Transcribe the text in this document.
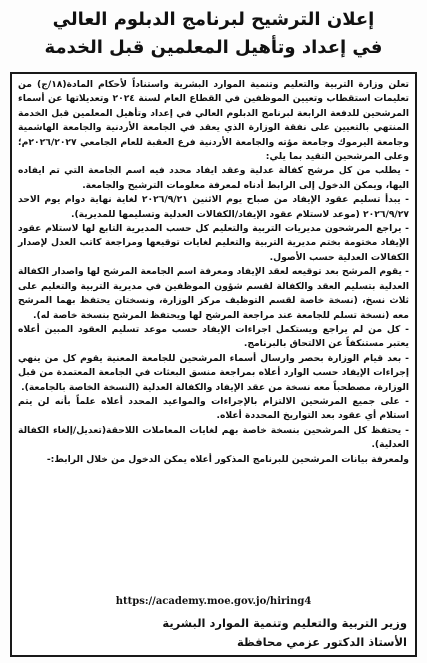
إعلان الترشيح لبرنامج الدبلوم العالي
في إعداد وتأهيل المعلمين قبل الخدمة

تعلن وزارة التربية والتعليم وتنمية الموارد البشرية واستناداً لأحكام المادة(١٨/ج) من تعليمات استقطاب وتعيين الموظفين في القطاع العام لسنة ٢٠٢٤ وتعديلاتها عن أسماء المرشحين للدفعة الرابعة لبرنامج الدبلوم العالي في إعداد وتأهيل المعلمين قبل الخدمة المنتهي بالتعيين على نفقة الوزارة الذي يعقد في الجامعة الأردنية والجامعة الهاشمية وجامعة اليرموك وجامعة مؤته والجامعة الأردنية فرع العقبة للعام الجامعي ٢٠٢٦/٢٠٢٧م؛ وعلى المرشحين التقيد بما يلي:

- يطلب من كل مرشح كفالة عدلية وعقد ايفاد محدد فيه اسم الجامعة التي تم ايفاده اليها، ويمكن الدخول إلى الرابط أدناه لمعرفة معلومات الترشيح والجامعة.

- يبدأ تسليم عقود الإيفاد من صباح يوم الاثنين ٢٠٢٦/٩/٢١ لغاية نهاية دوام يوم الاحد ٢٠٢٦/٩/٢٧ (موعد لاستلام عقود الإيفاد/الكفالات العدلية وتسليمها للمديرية).

- يراجع المرشحون مديريات التربية والتعليم كل حسب المديرية التابع لها لاستلام عقود الإيفاد مختومة بختم مديرية التربية والتعليم لغايات توقيعها ومراجعة كاتب العدل لإصدار الكفالات العدلية حسب الأصول.

- يقوم المرشح بعد توقيعه لعقد الإيفاد ومعرفة اسم الجامعة المرشح لها واصدار الكفالة العدلية بتسليم العقد والكفالة لقسم شؤون الموظفين في مديرية التربية والتعليم على ثلاث نسخ، (نسخة خاصة لقسم التوظيف مركز الوزارة، ونسختان يحتفظ بهما المرشح معه (نسخة تسلم للجامعة عند مراجعة المرشح لها ويحتفظ المرشح بنسخة خاصة له).

- كل من لم يراجع ويستكمل اجراءات الإيفاد حسب موعد تسليم العقود المبين أعلاه يعتبر مستنكفاً عن الالتحاق بالبرنامج.

- بعد قيام الوزارة بحصر وارسال أسماء المرشحين للجامعة المعنية يقوم كل من ينهي إجراءات الإيفاد حسب الوارد أعلاه بمراجعة منسق البعثات في الجامعة المعتمدة من قبل الوزارة، مصطحباً معه نسخة من عقد الإيفاد والكفالة العدلية (النسخة الخاصة بالجامعة).

- على جميع المرشحين الالتزام بالإجراءات والمواعيد المحدد أعلاه علماً بأنه لن يتم استلام أي عقود بعد التواريخ المحددة أعلاه.

- يحتفظ كل المرشحين بنسخة خاصة بهم لغايات المعاملات اللاحقة(تعديل/إلغاء الكفالة العدلية).

ولمعرفة بيانات المرشحين للبرنامج المذكور أعلاه يمكن الدخول من خلال الرابط:-

https://academy.moe.gov.jo/hiring4
وزير التربية والتعليم وتنمية الموارد البشرية
الأستاذ الدكتور عزمي محافظة
